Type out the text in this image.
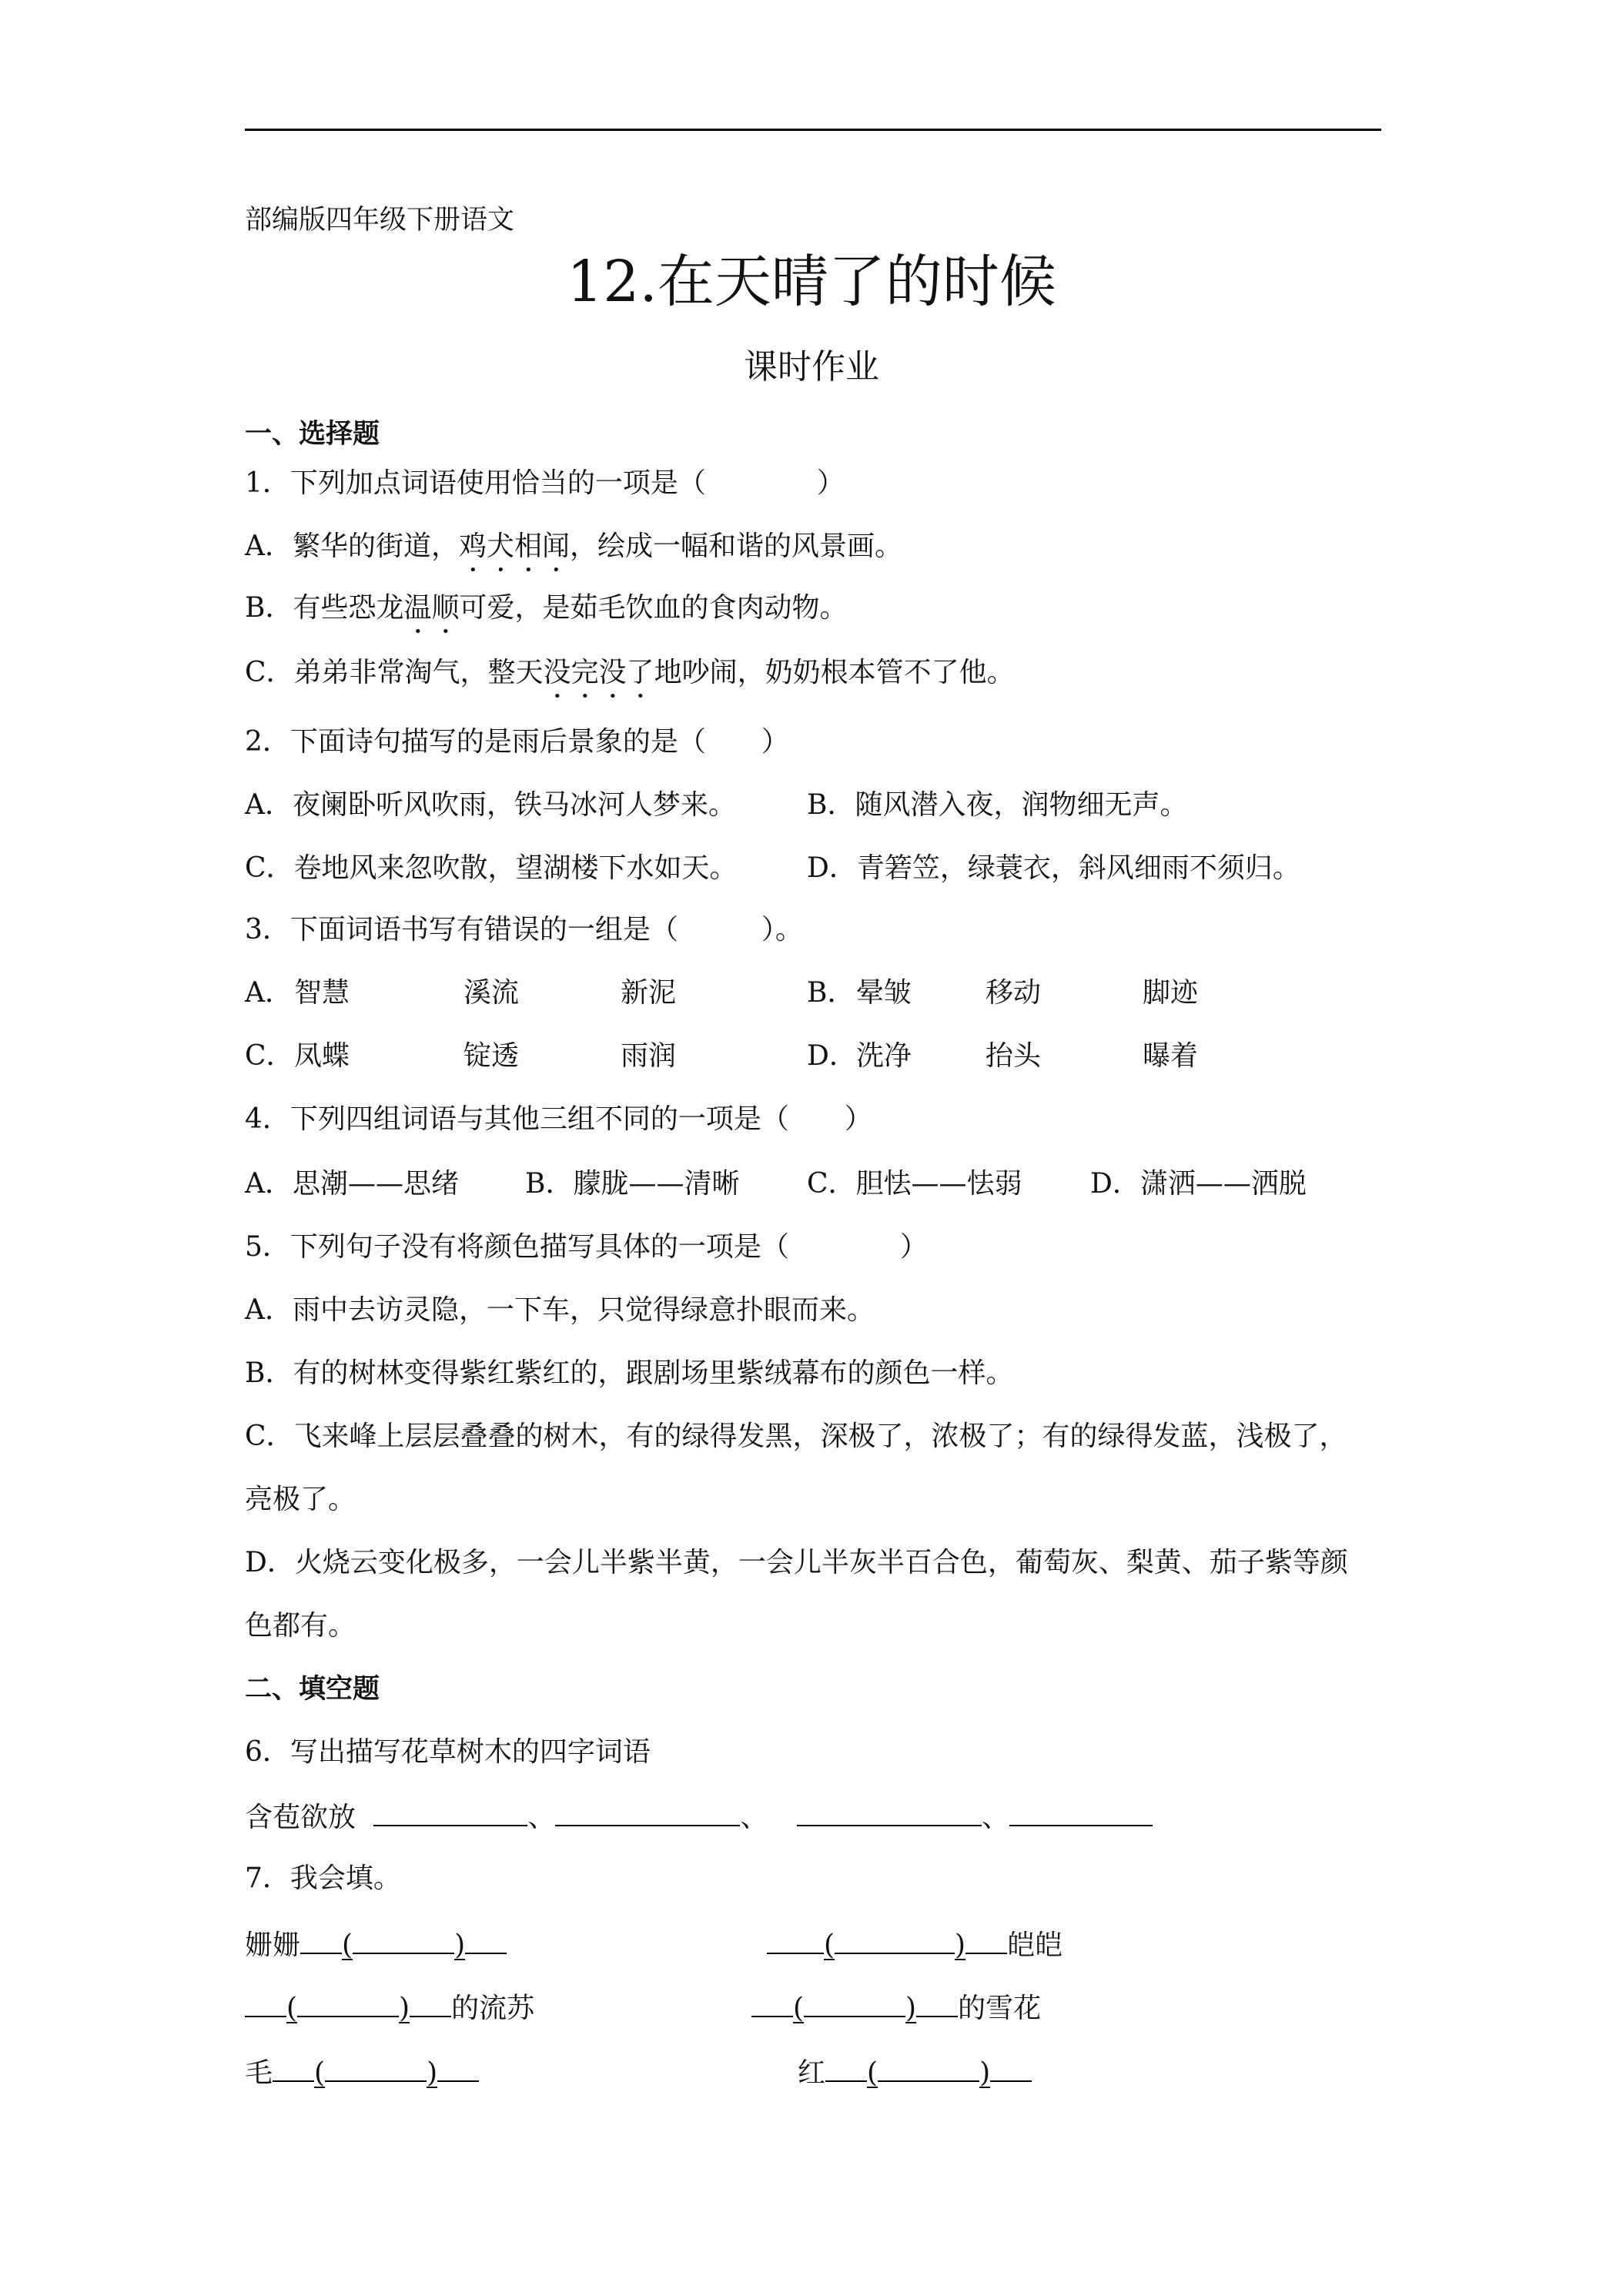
部编版四年级下册语文
12.在天晴了的时候
课时作业
一、选择题
1．下列加点词语使用恰当的一项是（　　　　）
A．繁华的街道，鸡犬相闻，绘成一幅和谐的风景画。
B．有些恐龙温顺可爱，是茹毛饮血的食肉动物。
C．弟弟非常淘气，整天没完没了地吵闹，奶奶根本管不了他。
2．下面诗句描写的是雨后景象的是（　　）
A．夜阑卧听风吹雨，铁马冰河人梦来。	B．随风潜入夜，润物细无声。
C．卷地风来忽吹散，望湖楼下水如天。	D．青箬笠，绿蓑衣，斜风细雨不须归。
3．下面词语书写有错误的一组是（　　　）。
A． 智慧	溪流	新泥	B． 晕皱	移动	脚迹
C． 凤蝶	锭透	雨润	D． 洗净	抬头	曝着
4．下列四组词语与其他三组不同的一项是（　　）
A．思潮——思绪 B．朦胧——清晰 C．胆怯——怯弱 D．潇洒——洒脱
5．下列句子没有将颜色描写具体的一项是（　　　　）
A．雨中去访灵隐，一下车，只觉得绿意扑眼而来。
B．有的树林变得紫红紫红的，跟剧场里紫绒幕布的颜色一样。
C．飞来峰上层层叠叠的树木，有的绿得发黑，深极了，浓极了；有的绿得发蓝，浅极了，
亮极了。
D．火烧云变化极多，一会儿半紫半黄，一会儿半灰半百合色，葡萄灰、梨黄、茄子紫等颜
色都有。
二、填空题
6．写出描写花草树木的四字词语
含苞欲放	、	、	、
7．我会填。
姗姗 (	)	(	) 皑皑
(	) 的流苏	(	) 的雪花
毛 (	)	红 (	)
